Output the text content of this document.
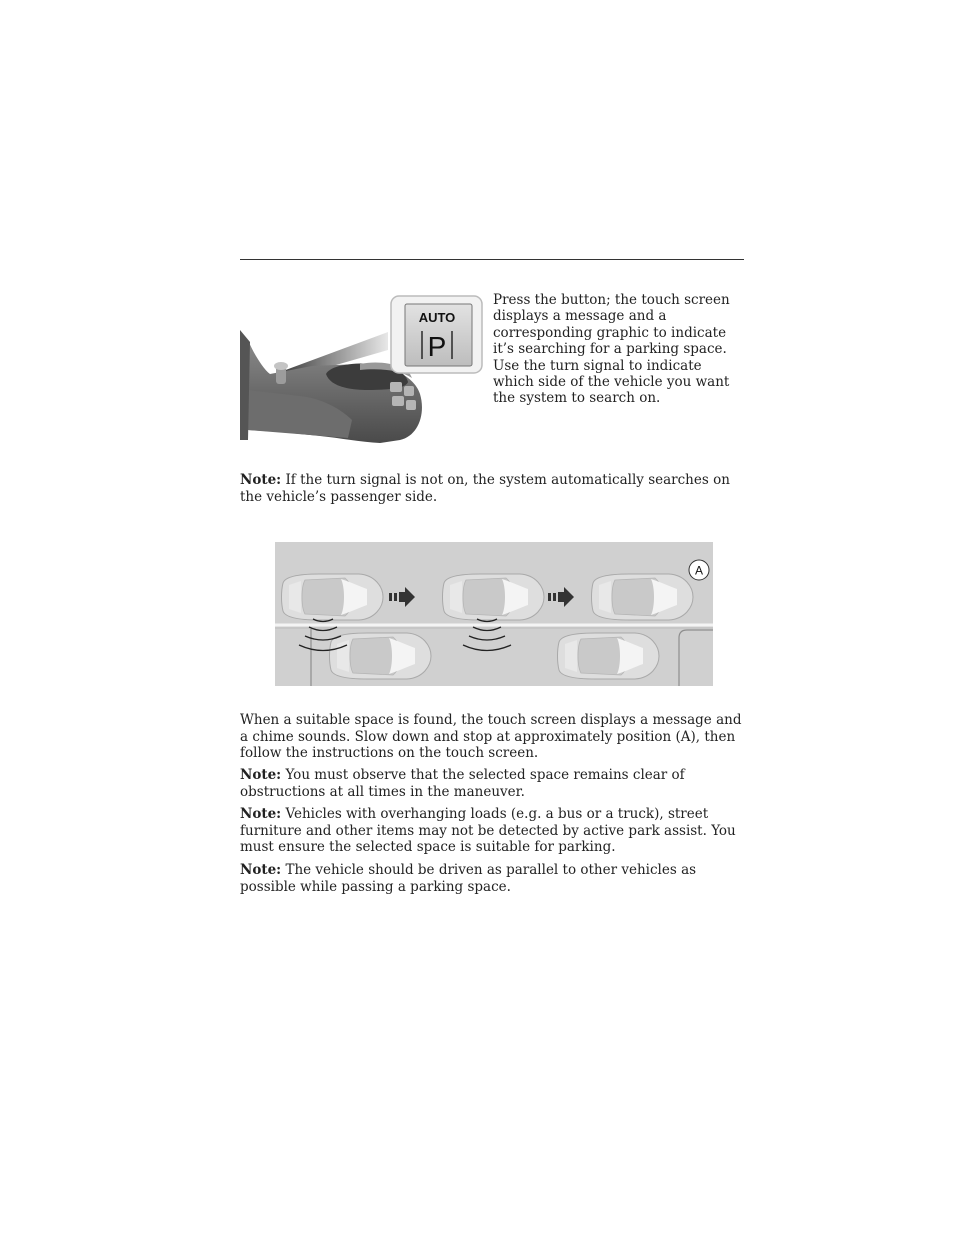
AUTO
P

Press the button; the touch screen displays a message and a corresponding graphic to indicate it’s searching for a parking space. Use the turn signal to indicate which side of the vehicle you want the system to search on.

Note: If the turn signal is not on, the system automatically searches on the vehicle’s passenger side.

A

When a suitable space is found, the touch screen displays a message and a chime sounds. Slow down and stop at approximately position (A), then follow the instructions on the touch screen.

Note: You must observe that the selected space remains clear of obstructions at all times in the maneuver.

Note: Vehicles with overhanging loads (e.g. a bus or a truck), street furniture and other items may not be detected by active park assist. You must ensure the selected space is suitable for parking.

Note: The vehicle should be driven as parallel to other vehicles as possible while passing a parking space.
